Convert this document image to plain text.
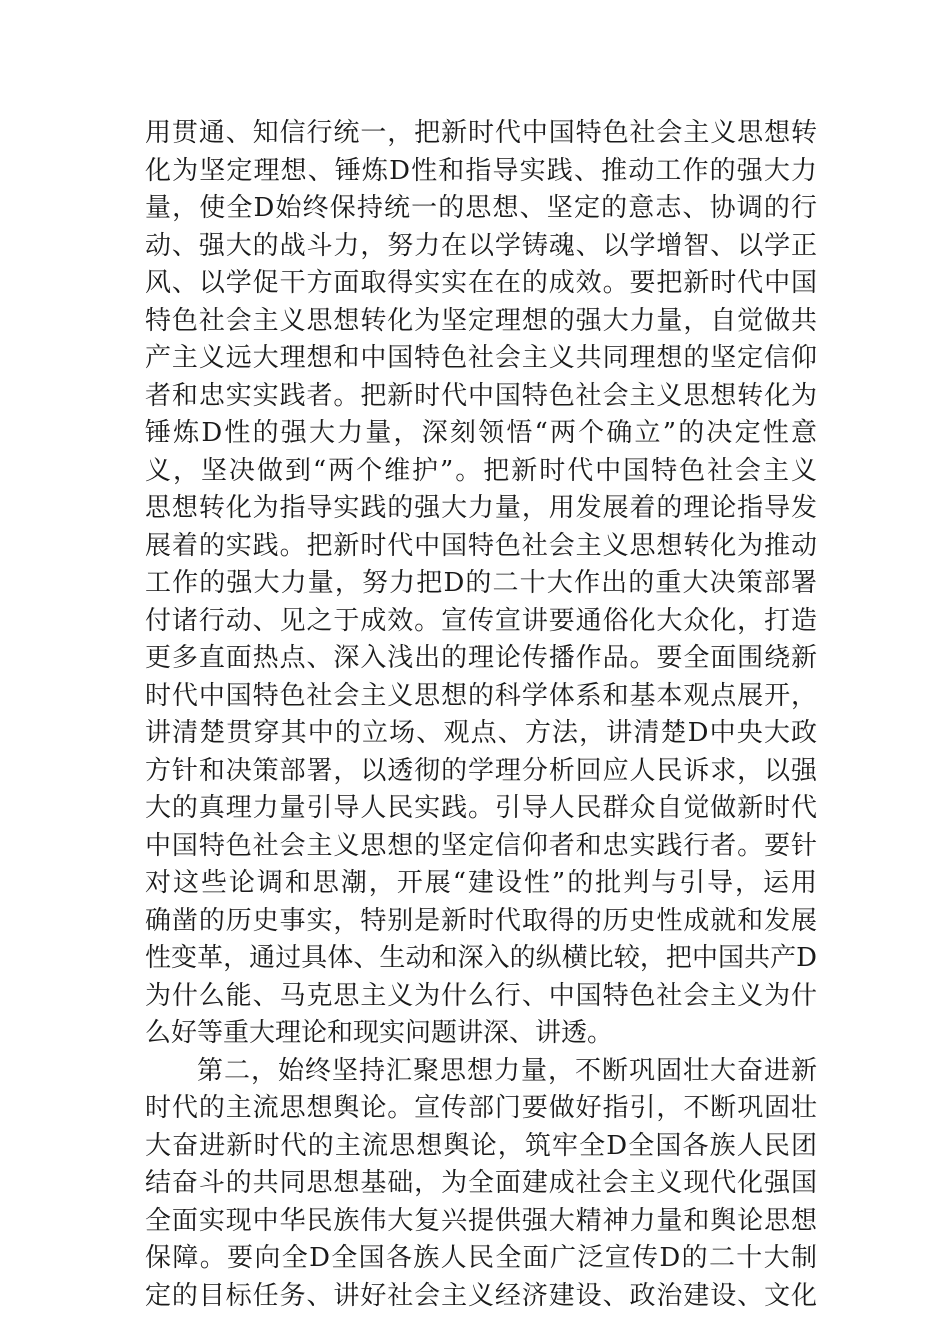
用贯通、知信行统一，把新时代中国特色社会主义思想转
化为坚定理想、锤炼D性和指导实践、推动工作的强大力
量，使全D始终保持统一的思想、坚定的意志、协调的行
动、强大的战斗力，努力在以学铸魂、以学增智、以学正
风、以学促干方面取得实实在在的成效。要把新时代中国
特色社会主义思想转化为坚定理想的强大力量，自觉做共
产主义远大理想和中国特色社会主义共同理想的坚定信仰
者和忠实实践者。把新时代中国特色社会主义思想转化为
锤炼D性的强大力量，深刻领悟“两个确立”的决定性意
义，坚决做到“两个维护”。把新时代中国特色社会主义
思想转化为指导实践的强大力量，用发展着的理论指导发
展着的实践。把新时代中国特色社会主义思想转化为推动
工作的强大力量，努力把D的二十大作出的重大决策部署
付诸行动、见之于成效。宣传宣讲要通俗化大众化，打造
更多直面热点、深入浅出的理论传播作品。要全面围绕新
时代中国特色社会主义思想的科学体系和基本观点展开，
讲清楚贯穿其中的立场、观点、方法，讲清楚D中央大政
方针和决策部署，以透彻的学理分析回应人民诉求，以强
大的真理力量引导人民实践。引导人民群众自觉做新时代
中国特色社会主义思想的坚定信仰者和忠实践行者。要针
对这些论调和思潮，开展“建设性”的批判与引导，运用
确凿的历史事实，特别是新时代取得的历史性成就和发展
性变革，通过具体、生动和深入的纵横比较，把中国共产D
为什么能、马克思主义为什么行、中国特色社会主义为什
么好等重大理论和现实问题讲深、讲透。
第二，始终坚持汇聚思想力量，不断巩固壮大奋进新
时代的主流思想舆论。宣传部门要做好指引，不断巩固壮
大奋进新时代的主流思想舆论，筑牢全D全国各族人民团
结奋斗的共同思想基础，为全面建成社会主义现代化强国
全面实现中华民族伟大复兴提供强大精神力量和舆论思想
保障。要向全D全国各族人民全面广泛宣传D的二十大制
定的目标任务、讲好社会主义经济建设、政治建设、文化
